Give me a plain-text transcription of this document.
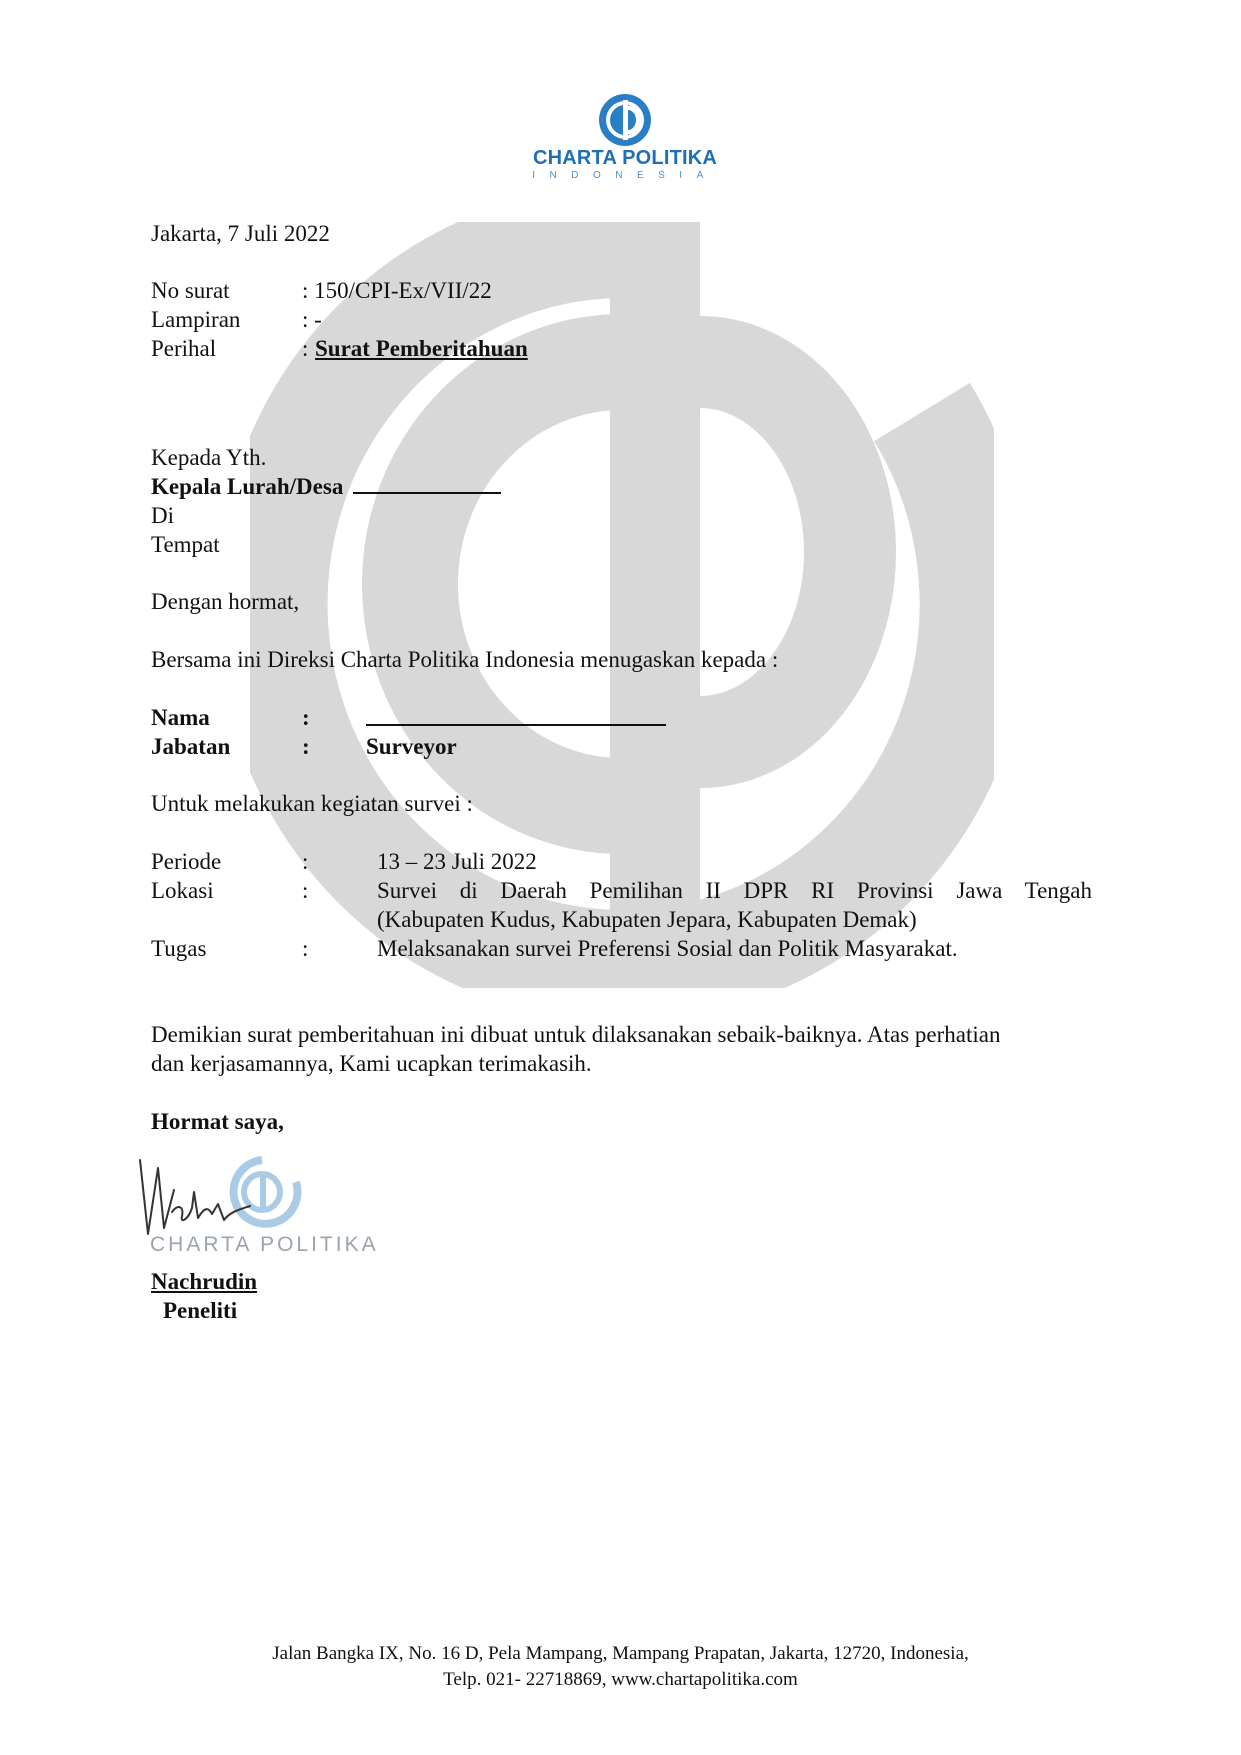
CHARTA POLITIKA
INDONESIA
Jakarta, 7 Juli 2022
No surat	: 150/CPI-Ex/VII/22
Lampiran	: -
Perihal	: Surat Pemberitahuan
Kepada Yth.
Kepala Lurah/Desa
Di
Tempat
Dengan hormat,
Bersama ini Direksi Charta Politika Indonesia menugaskan kepada :
Nama	:
Jabatan	: Surveyor
Untuk melakukan kegiatan survei :
Periode	:	13 – 23 Juli 2022
Lokasi	:	Survei di Daerah Pemilihan II DPR RI Provinsi Jawa Tengah
(Kabupaten Kudus, Kabupaten Jepara, Kabupaten Demak)
Tugas	:	Melaksanakan survei Preferensi Sosial dan Politik Masyarakat.
Demikian surat pemberitahuan ini dibuat untuk dilaksanakan sebaik-baiknya. Atas perhatian
dan kerjasamannya, Kami ucapkan terimakasih.
Hormat saya,
CHARTA POLITIKA
Nachrudin
Peneliti
Jalan Bangka IX, No. 16 D, Pela Mampang, Mampang Prapatan, Jakarta, 12720, Indonesia,
Telp. 021- 22718869, www.chartapolitika.com
